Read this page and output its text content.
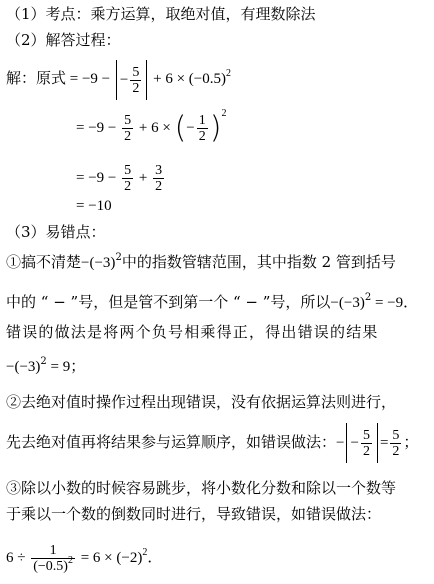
（1）考点：乘方运算，取绝对值，有理数除法
（2）解答过程：
解：原式 = −9 − − $\frac{5}{2} + 6 \times (-0.5)^2$
= $-9 - \frac{5}{2} + 6$ × (− $\frac{1}{2} )^2$
= $-9 - \frac{5}{2} + \frac{3}{2}$
= −10
（3）易错点：
①搞不清楚$-(-3)^2$中的指数管辖范围，其中指数 2 管到括号
中的 “ − ”号，但是管不到第一个 “ − ”号，所以$-(-3)^2 = -9$．
错误的做法是将两个负号相乘得正，得出错误的结果
$-(-3)^2 = 9$；
②去绝对值时操作过程出现错误，没有依据运算法则进行，
先去绝对值再将结果参与运算顺序，如错误做法：− − $\frac{5}{2} = \frac{5}{2}$ ；
③除以小数的时候容易跳步，将小数化分数和除以一个数等
于乘以一个数的倒数同时进行，导致错误，如错误做法：
$6 \div \frac{1}{(-0.5)^2} = 6 \times (-2)^2$．
